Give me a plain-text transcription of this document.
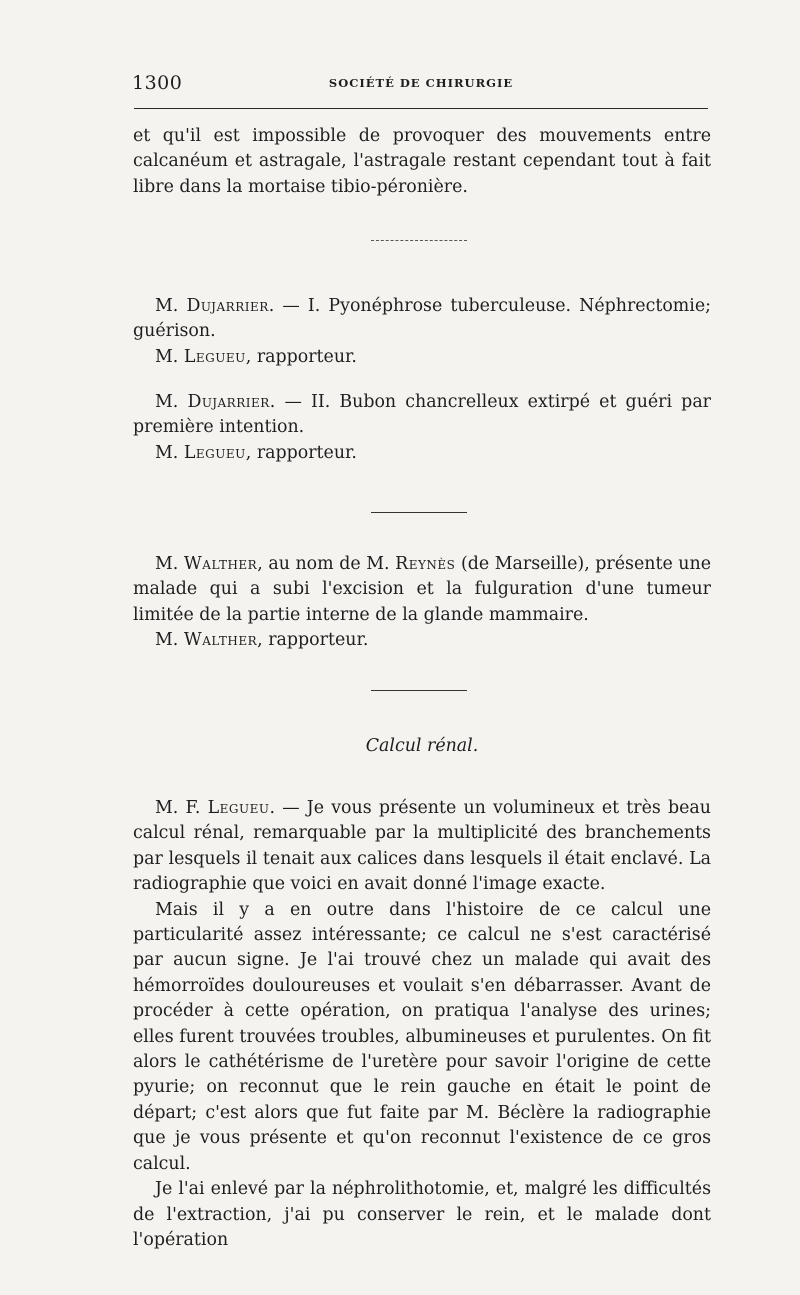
1300	SOCIÉTÉ DE CHIRURGIE

et qu'il est impossible de provoquer des mouvements entre calcanéum et astragale, l'astragale restant cependant tout à fait libre dans la mortaise tibio-péronière.

M. Dujarrier. — I. Pyonéphrose tuberculeuse. Néphrectomie; guérison.

M. Legueu, rapporteur.

M. Dujarrier. — II. Bubon chancrelleux extirpé et guéri par première intention.

M. Legueu, rapporteur.

M. Walther, au nom de M. Reynès (de Marseille), présente une malade qui a subi l'excision et la fulguration d'une tumeur limitée de la partie interne de la glande mammaire.

M. Walther, rapporteur.

Calcul rénal.

M. F. Legueu. — Je vous présente un volumineux et très beau calcul rénal, remarquable par la multiplicité des branchements par lesquels il tenait aux calices dans lesquels il était enclavé. La radiographie que voici en avait donné l'image exacte.

Mais il y a en outre dans l'histoire de ce calcul une particularité assez intéressante; ce calcul ne s'est caractérisé par aucun signe. Je l'ai trouvé chez un malade qui avait des hémorroïdes douloureuses et voulait s'en débarrasser. Avant de procéder à cette opération, on pratiqua l'analyse des urines; elles furent trouvées troubles, albumineuses et purulentes. On fit alors le cathétérisme de l'uretère pour savoir l'origine de cette pyurie; on reconnut que le rein gauche en était le point de départ; c'est alors que fut faite par M. Béclère la radiographie que je vous présente et qu'on reconnut l'existence de ce gros calcul.

Je l'ai enlevé par la néphrolithotomie, et, malgré les difficultés de l'extraction, j'ai pu conserver le rein, et le malade dont l'opération
